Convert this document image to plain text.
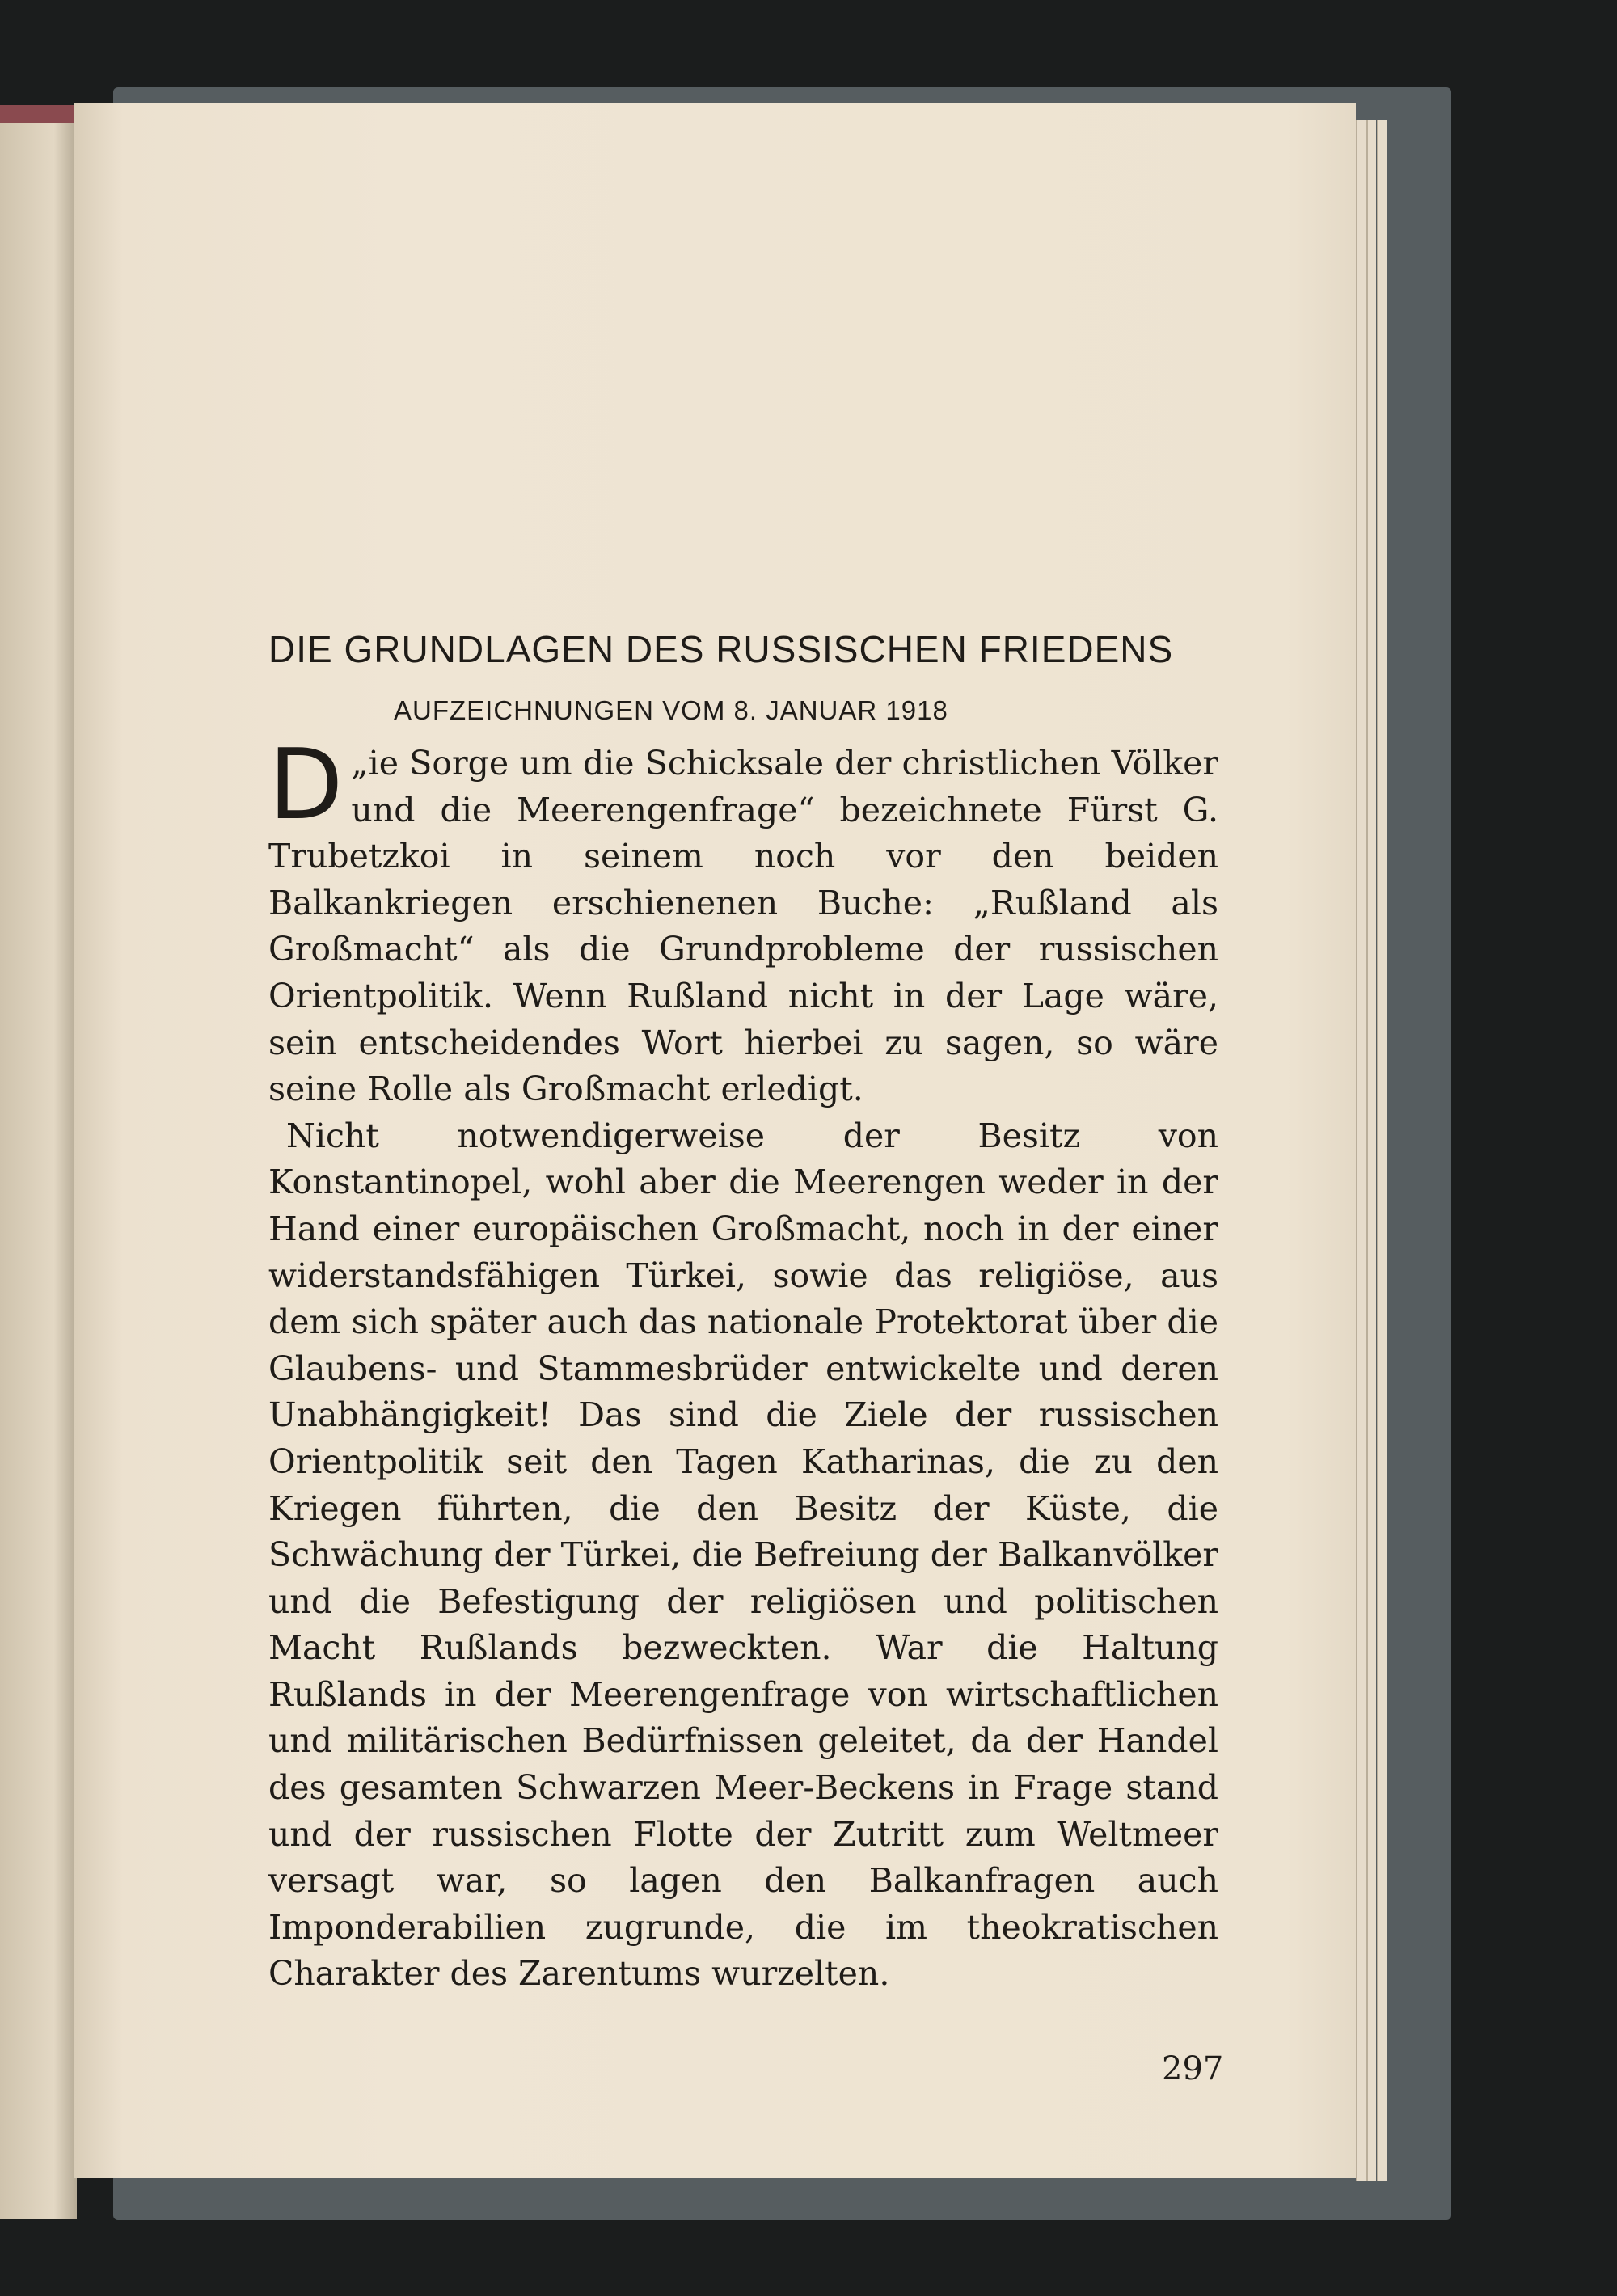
DIE GRUNDLAGEN DES RUSSISCHEN FRIEDENS
AUFZEICHNUNGEN VOM 8. JANUAR 1918

D „ie Sorge um die Schicksale der christlichen Völker und die Meerengenfrage“ bezeichnete Fürst G. Trubetzkoi in seinem noch vor den beiden Balkankriegen erschienenen Buche: „Rußland als Großmacht“ als die Grundprobleme der russischen Orientpolitik. Wenn Rußland nicht in der Lage wäre, sein entscheidendes Wort hierbei zu sagen, so wäre seine Rolle als Großmacht erledigt.

Nicht notwendigerweise der Besitz von Konstantinopel, wohl aber die Meerengen weder in der Hand einer europäischen Großmacht, noch in der einer widerstandsfähigen Türkei, sowie das religiöse, aus dem sich später auch das nationale Protektorat über die Glaubens- und Stammesbrüder entwickelte und deren Unabhängigkeit! Das sind die Ziele der russischen Orientpolitik seit den Tagen Katharinas, die zu den Kriegen führten, die den Besitz der Küste, die Schwächung der Türkei, die Befreiung der Balkanvölker und die Befestigung der religiösen und politischen Macht Rußlands bezweckten. War die Haltung Rußlands in der Meerengenfrage von wirtschaftlichen und militärischen Bedürfnissen geleitet, da der Handel des gesamten Schwarzen Meer-Beckens in Frage stand und der russischen Flotte der Zutritt zum Weltmeer versagt war, so lagen den Balkanfragen auch Imponderabilien zugrunde, die im theokratischen Charakter des Zarentums wurzelten.

297
